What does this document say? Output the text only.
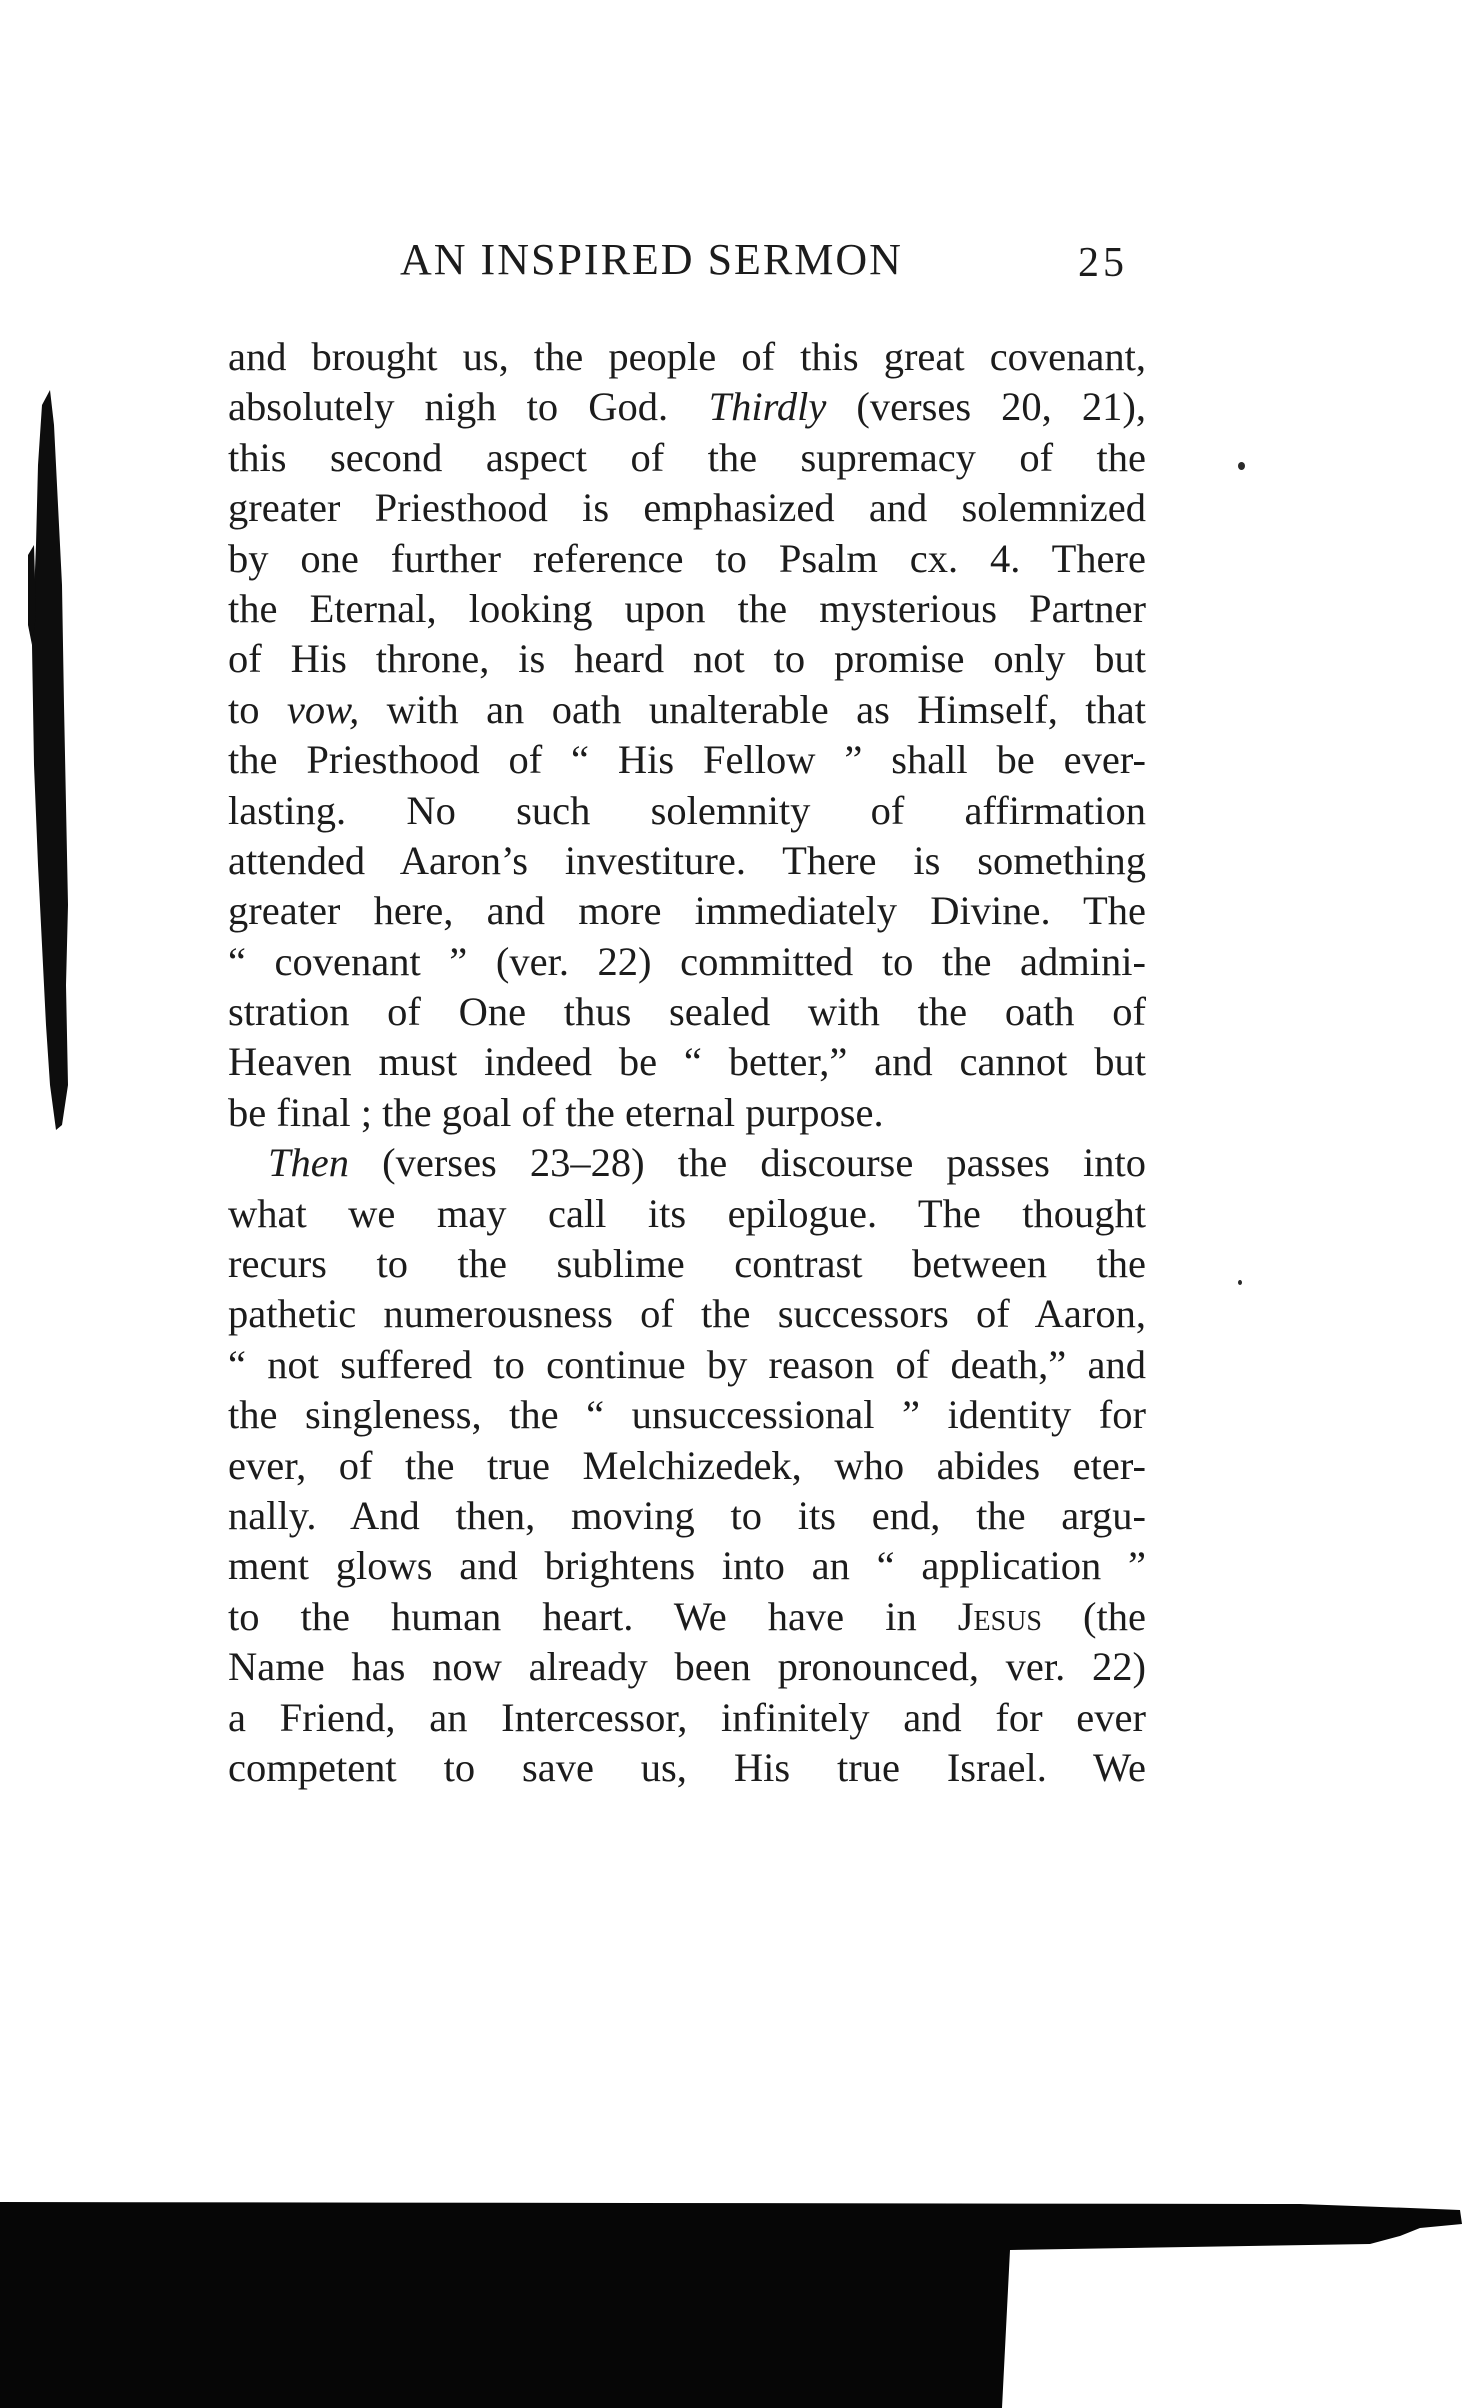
AN INSPIRED SERMON	25
and brought us, the people of this great covenant,
absolutely nigh to God.  Thirdly (verses 20, 21),
this second aspect of the supremacy of the
greater Priesthood is emphasized and solemnized
by one further reference to Psalm cx. 4. There
the Eternal, looking upon the mysterious Partner
of His throne, is heard not to promise only but
to vow, with an oath unalterable as Himself, that
the Priesthood of “ His Fellow ” shall be ever-
lasting. No such solemnity of affirmation
attended Aaron’s investiture. There is something
greater here, and more immediately Divine. The
“ covenant ” (ver. 22) committed to the admini-
stration of One thus sealed with the oath of
Heaven must indeed be “ better,” and cannot but
be final ; the goal of the eternal purpose.
Then (verses 23–28) the discourse passes into
what we may call its epilogue. The thought
recurs to the sublime contrast between the
pathetic numerousness of the successors of Aaron,
“ not suffered to continue by reason of death,” and
the singleness, the “ unsuccessional ” identity for
ever, of the true Melchizedek, who abides eter-
nally. And then, moving to its end, the argu-
ment glows and brightens into an “ application ”
to the human heart. We have in Jesus (the
Name has now already been pronounced, ver. 22)
a Friend, an Intercessor, infinitely and for ever
competent to save us, His true Israel. We
